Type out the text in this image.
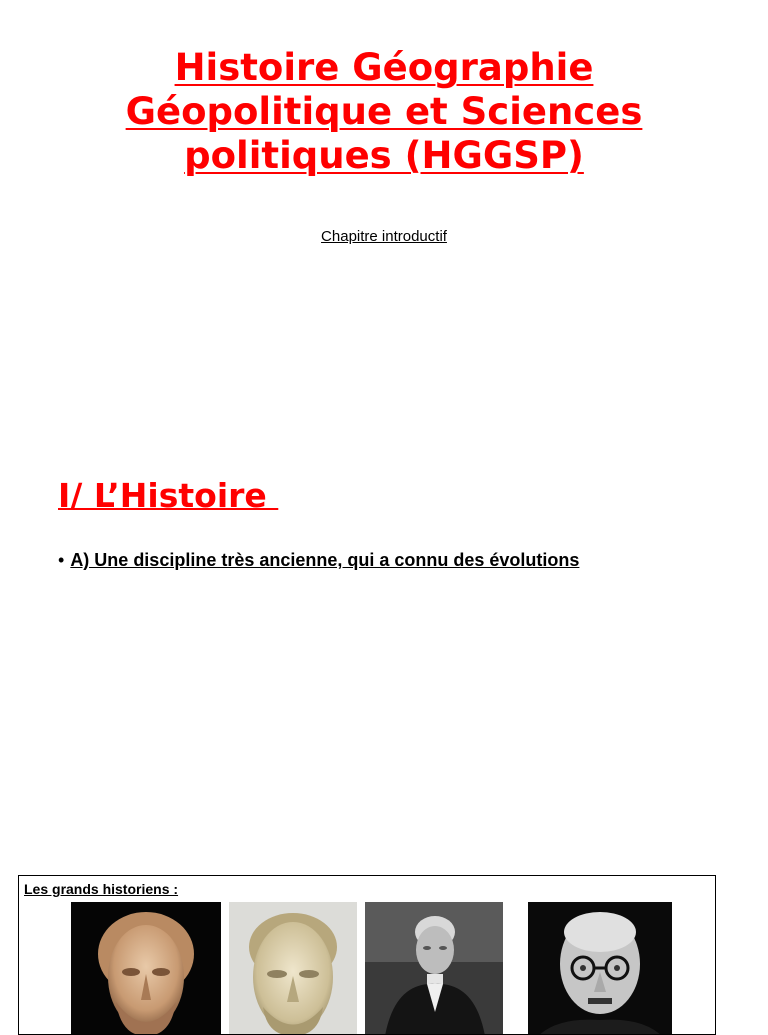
Histoire Géographie
Géopolitique et Sciences
politiques (HGGSP)
Chapitre introductif
I/ L’Histoire
• A) Une discipline très ancienne, qui a connu des évolutions
Les grands historiens :
